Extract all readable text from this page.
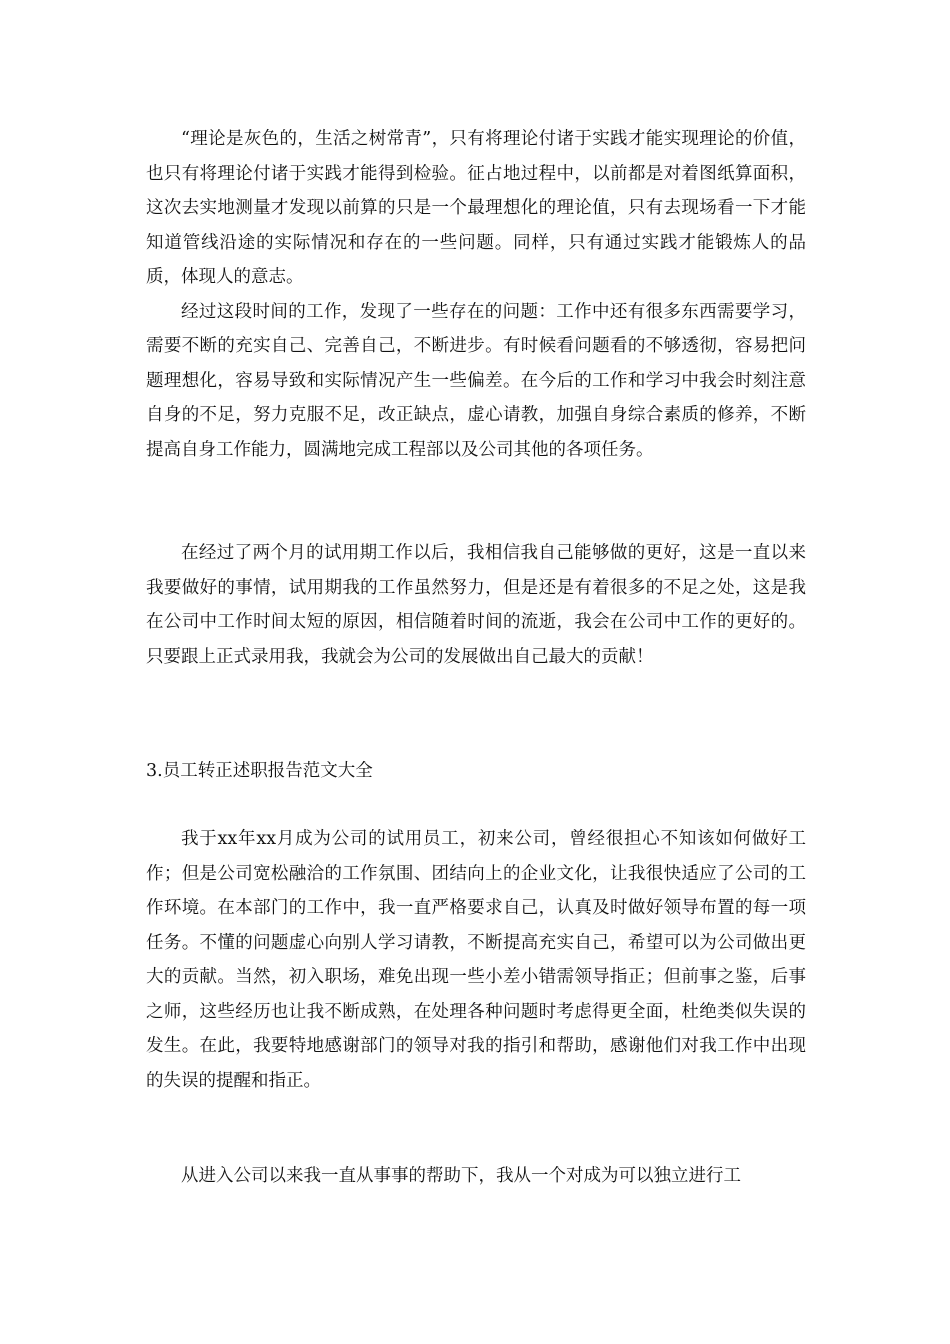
“理论是灰色的，生活之树常青”，只有将理论付诸于实践才能实现理论的价值，也只有将理论付诸于实践才能得到检验。征占地过程中，以前都是对着图纸算面积，这次去实地测量才发现以前算的只是一个最理想化的理论值，只有去现场看一下才能知道管线沿途的实际情况和存在的一些问题。同样，只有通过实践才能锻炼人的品质，体现人的意志。

经过这段时间的工作，发现了一些存在的问题：工作中还有很多东西需要学习，需要不断的充实自己、完善自己，不断进步。有时候看问题看的不够透彻，容易把问题理想化，容易导致和实际情况产生一些偏差。在今后的工作和学习中我会时刻注意自身的不足，努力克服不足，改正缺点，虚心请教，加强自身综合素质的修养，不断提高自身工作能力，圆满地完成工程部以及公司其他的各项任务。

在经过了两个月的试用期工作以后，我相信我自己能够做的更好，这是一直以来我要做好的事情，试用期我的工作虽然努力，但是还是有着很多的不足之处，这是我在公司中工作时间太短的原因，相信随着时间的流逝，我会在公司中工作的更好的。只要跟上正式录用我，我就会为公司的发展做出自己最大的贡献！

3.员工转正述职报告范文大全

我于xx年xx月成为公司的试用员工，初来公司，曾经很担心不知该如何做好工作；但是公司宽松融洽的工作氛围、团结向上的企业文化，让我很快适应了公司的工作环境。在本部门的工作中，我一直严格要求自己，认真及时做好领导布置的每一项任务。不懂的问题虚心向别人学习请教，不断提高充实自己，希望可以为公司做出更大的贡献。当然，初入职场，难免出现一些小差小错需领导指正；但前事之鉴，后事之师，这些经历也让我不断成熟，在处理各种问题时考虑得更全面，杜绝类似失误的发生。在此，我要特地感谢部门的领导对我的指引和帮助，感谢他们对我工作中出现的失误的提醒和指正。

从进入公司以来我一直从事事的帮助下，我从一个对成为可以独立进行工
